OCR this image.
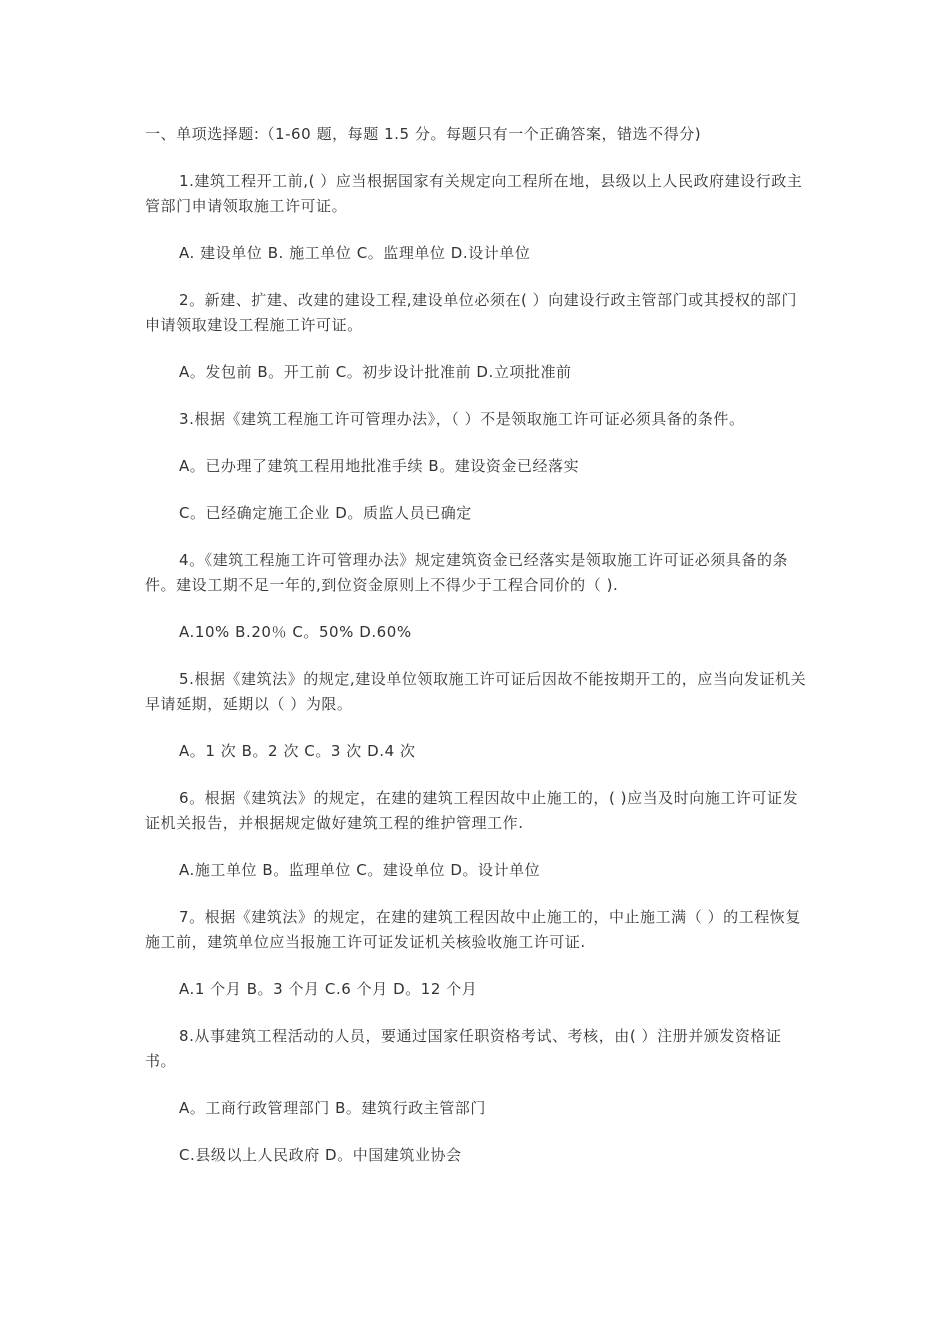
一、单项选择题:（1-60 题，每题 1.5 分。每题只有一个正确答案，错选不得分)

1.建筑工程开工前,( ）应当根据国家有关规定向工程所在地，县级以上人民政府建设行政主管部门申请领取施工许可证。

A. 建设单位 B. 施工单位 C。监理单位 D.设计单位

2。新建、扩建、改建的建设工程,建设单位必须在( ）向建设行政主管部门或其授权的部门申请领取建设工程施工许可证。

A。发包前 B。开工前 C。初步设计批准前 D.立项批准前

3.根据《建筑工程施工许可管理办法》，（ ）不是领取施工许可证必须具备的条件。

A。已办理了建筑工程用地批准手续 B。建设资金已经落实

C。已经确定施工企业 D。质监人员已确定

4。《建筑工程施工许可管理办法》规定建筑资金已经落实是领取施工许可证必须具备的条件。建设工期不足一年的,到位资金原则上不得少于工程合同价的（ ).

A.10% B.20％ C。50% D.60%

5.根据《建筑法》的规定,建设单位领取施工许可证后因故不能按期开工的，应当向发证机关早请延期，延期以（ ）为限。

A。1 次 B。2 次 C。3 次 D.4 次

6。根据《建筑法》的规定，在建的建筑工程因故中止施工的，( )应当及时向施工许可证发证机关报告，并根据规定做好建筑工程的维护管理工作.

A.施工单位 B。监理单位 C。建设单位 D。设计单位

7。根据《建筑法》的规定，在建的建筑工程因故中止施工的，中止施工满（ ）的工程恢复施工前，建筑单位应当报施工许可证发证机关核验收施工许可证.

A.1 个月 B。3 个月 C.6 个月 D。12 个月

8.从事建筑工程活动的人员，要通过国家任职资格考试、考核，由( ）注册并颁发资格证书。

A。工商行政管理部门 B。建筑行政主管部门

C.县级以上人民政府 D。中国建筑业协会
